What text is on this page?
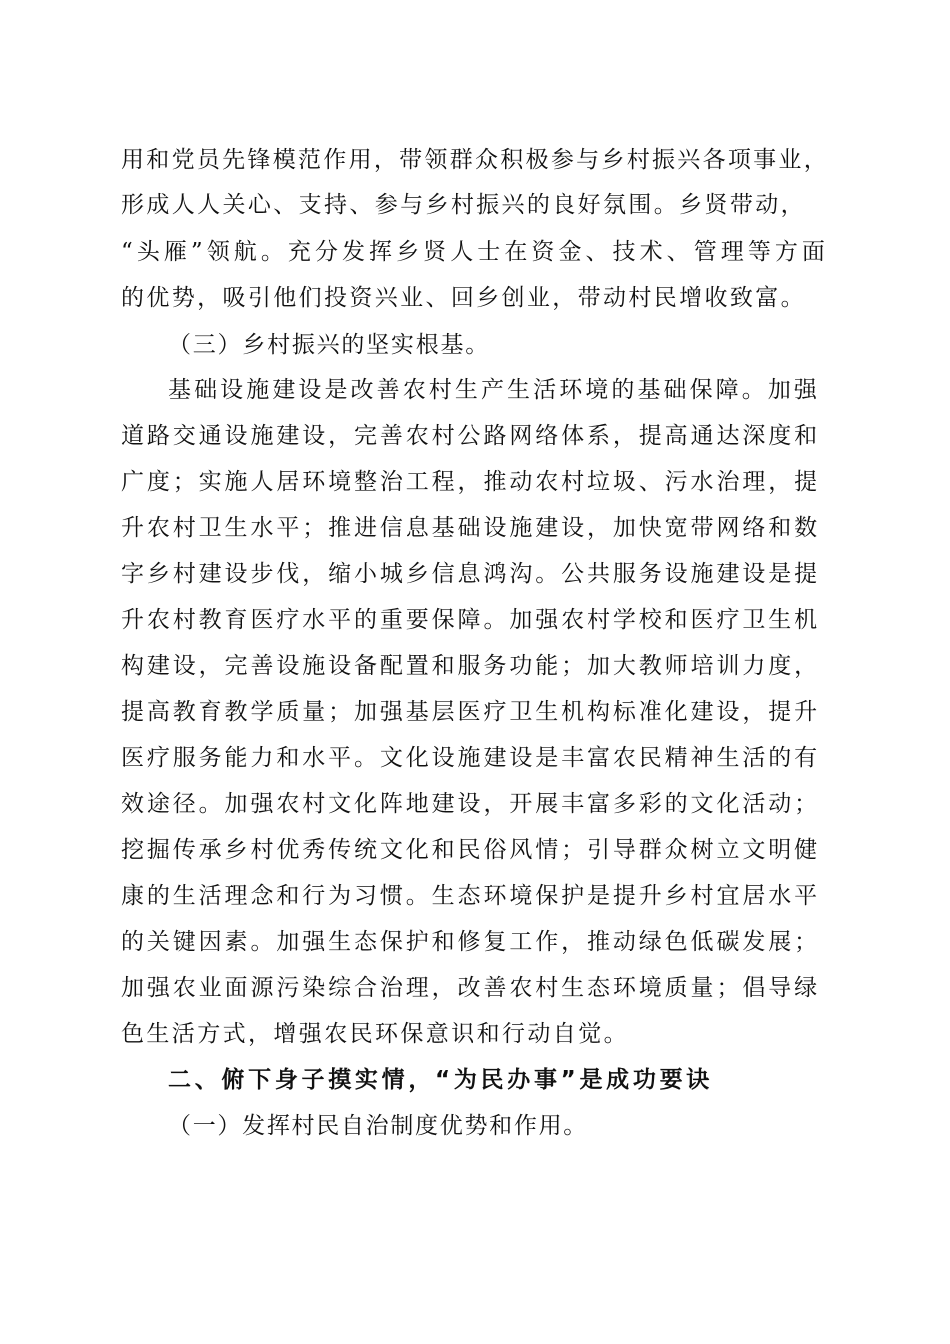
用和党员先锋模范作用，带领群众积极参与乡村振兴各项事业，
形成人人关心、支持、参与乡村振兴的良好氛围。乡贤带动，
“头雁”领航。充分发挥乡贤人士在资金、技术、管理等方面
的优势，吸引他们投资兴业、回乡创业，带动村民增收致富。
（三）乡村振兴的坚实根基。
基础设施建设是改善农村生产生活环境的基础保障。加强
道路交通设施建设，完善农村公路网络体系，提高通达深度和
广度；实施人居环境整治工程，推动农村垃圾、污水治理，提
升农村卫生水平；推进信息基础设施建设，加快宽带网络和数
字乡村建设步伐，缩小城乡信息鸿沟。公共服务设施建设是提
升农村教育医疗水平的重要保障。加强农村学校和医疗卫生机
构建设，完善设施设备配置和服务功能；加大教师培训力度，
提高教育教学质量；加强基层医疗卫生机构标准化建设，提升
医疗服务能力和水平。文化设施建设是丰富农民精神生活的有
效途径。加强农村文化阵地建设，开展丰富多彩的文化活动；
挖掘传承乡村优秀传统文化和民俗风情；引导群众树立文明健
康的生活理念和行为习惯。生态环境保护是提升乡村宜居水平
的关键因素。加强生态保护和修复工作，推动绿色低碳发展；
加强农业面源污染综合治理，改善农村生态环境质量；倡导绿
色生活方式，增强农民环保意识和行动自觉。
二、俯下身子摸实情，“为民办事”是成功要诀
（一）发挥村民自治制度优势和作用。
